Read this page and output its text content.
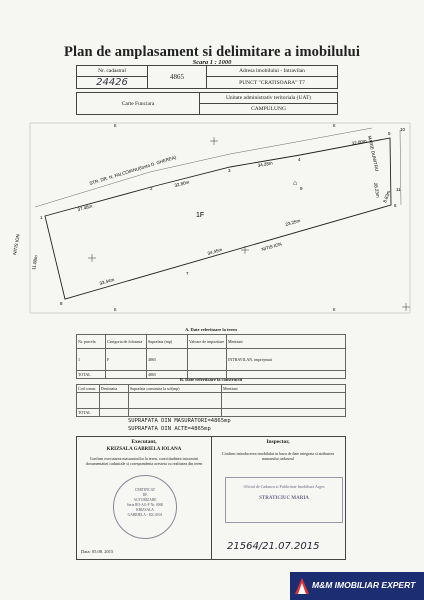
Plan de amplasament si delimitare a imobilului
Scara 1 : 1000
Nr. cadastral	4865	Adresa imobilului - Intravilan
24426		PUNCT "CRATISOARA" T7
Carte Funciara	Unitate administrativ teritoriala (UAT)
CAMPULUNG
II	II
II	II
1
2
3
4
5
6
7
8
9
10
11
STR. DR. N. FALCOIANU(fosta D. GHEREA)	MARIE DUMITRU
NITIS ION
NITIS ION
32.00m
34.28m
32.80m
37.48m
28.23m
23.25m
34.45m
33.44m
11.88m
8.83m
1F
⌂
A. Date referitoare la teren
Nr. parcela	Categoria de folosinta	Suprafata (mp)	Valoare de impozitare	Mentiuni
1	F	4865		INTRAVILAN, imprejmuit
TOTAL		4865		
B. Date referitoare la constructii
Cod constr.	Destinatia	Suprafata construita la sol(mp)	Mentiuni

TOTAL			
SUPRAFATA DIN MASURATORI=4865mp
SUPRAFATA DIN ACTE=4865mp
Executant,
KRIZSALA GABRIELA IOLANA
Confirm executarea masuratorilor la teren, corectitudinea intocmirii documentatiei cadastrale si corespondenta acesteia cu realitatea din teren
CERTIFICAT
DE
AUTORIZARE
Seria RO-AG-F Nr. 0060
KRIZSALA
GABRIELA - IOLANA
Data: 05.08. 2015
Inspector,
Confirm introducerea imobilului in baza de date integrata si atribuirea numarului cadastral
Oficiul de Cadastru si Publicitate Imobiliara Arges
STRATICIUC MARIA
21564/21.07.2015
M&M IMOBILIAR EXPERT
